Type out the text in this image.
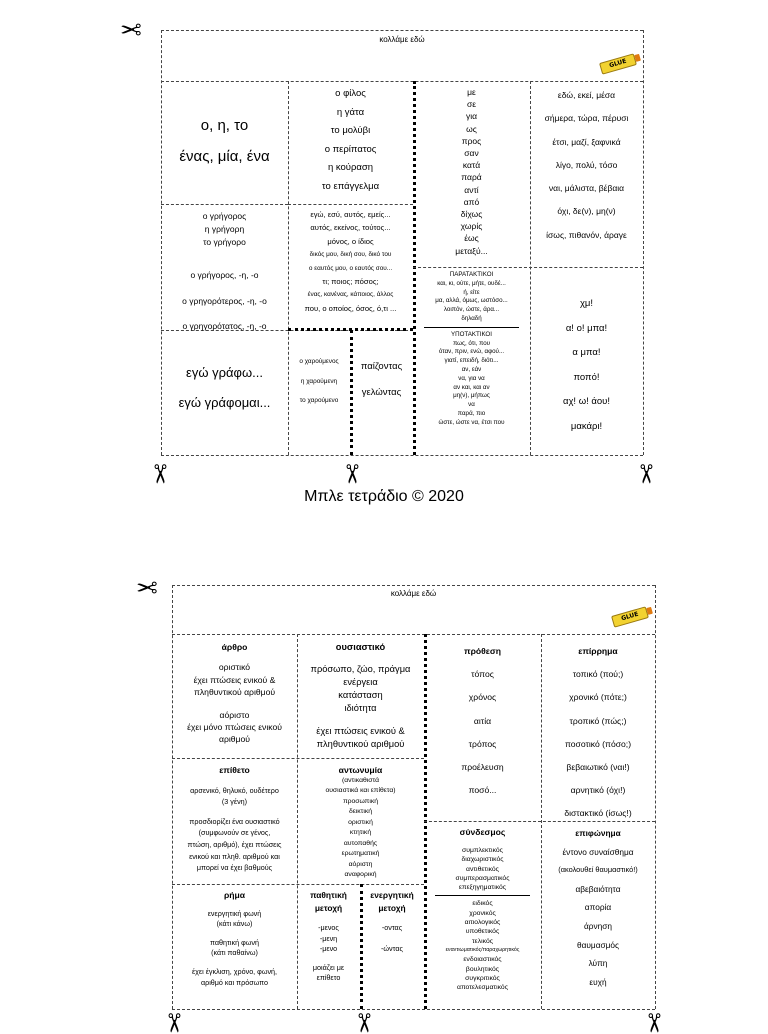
✂	κολλάμε εδώ
GLUE
ο, η, το
ένας, μία, ένα
ο φίλος
η γάτα
το μολύβι
ο περίπατος
η κούραση
το επάγγελμα
με
σε
για
ως
προς
σαν
κατά
παρά
αντί
από
δίχως
χωρίς
έως
μεταξύ...
εδώ, εκεί, μέσα
σήμερα, τώρα, πέρυσι
έτσι, μαζί, ξαφνικά
λίγο, πολύ, τόσο
ναι, μάλιστα, βέβαια
όχι, δε(ν), μη(ν)
ίσως, πιθανόν, άραγε
ο γρήγορος
η γρήγορη
το γρήγορο
ο γρήγορος, -η, -ο
ο γρηγορότερος, -η, -ο
ο γρηγορότατος, -η, -ο
εγώ, εσύ, αυτός, εμείς...
αυτός, εκείνος, τούτος...
μόνος, ο ίδιος
δικός μου, δική σου, δικό του
ο εαυτός μου, ο εαυτός σου...
τι; ποιος; πόσος;
ένας, κανένας, κάποιος, άλλος
που, ο οποίος, όσος, ό,τι ...
ΠΑΡΑΤΑΚΤΙΚΟΙ
και, κι, ούτε, μήτε, ουδέ...
ή, είτε
μα, αλλά, όμως, ωστόσο...
λοιπόν, ώστε, άρα...
δηλαδή
ΥΠΟΤΑΚΤΙΚΟΙ
πως, ότι, που
όταν, πριν, ενώ, αφού...
γιατί, επειδή, διότι...
αν, εάν
να, για να
αν και, και αν
μη(ν), μήπως
να
παρά, πιο
ώστε, ώστε να, έτσι που
χμ!
α! ο! μπα!
α μπα!
ποπό!
αχ! ω! άου!
μακάρι!
εγώ γράφω...
εγώ γράφομαι...
ο χαρούμενος
η χαρούμενη
το χαρούμενο
παίζοντας
γελώντας
✂	✂	✂
Μπλε τετράδιο © 2020
✂	κολλάμε εδώ
GLUE
άρθρο
οριστικό
έχει πτώσεις ενικού &
πληθυντικού αριθμού
αόριστο
έχει μόνο πτώσεις ενικού
αριθμού
ουσιαστικό
πρόσωπο, ζώο, πράγμα
ενέργεια
κατάσταση
ιδιότητα
έχει πτώσεις ενικού &
πληθυντικού αριθμού
πρόθεση
τόπος
χρόνος
αιτία
τρόπος
προέλευση
ποσό...
επίρρημα
τοπικό (πού;)
χρονικό (πότε;)
τροπικό (πώς;)
ποσοτικό (πόσο;)
βεβαιωτικό (ναι!)
αρνητικό (όχι!)
διστακτικό (ίσως!)
επίθετο
αρσενικό, θηλυκό, ουδέτερο
(3 γένη)
προσδιορίζει ένα ουσιαστικό
(συμφωνούν σε γένος,
πτώση, αριθμό), έχει πτώσεις
ενικού και πληθ. αριθμού και
μπορεί να έχει βαθμούς
αντωνυμία
(αντικαθιστά
ουσιαστικά και επίθετα)
προσωπική
δεικτική
οριστική
κτητική
αυτοπαθής
ερωτηματική
αόριστη
αναφορική
σύνδεσμος
συμπλεκτικός
διαχωριστικός
αντιθετικός
συμπερασματικός
επεξηγηματικός
ειδικός
χρονικός
αιτιολογικός
υποθετικός
τελικός
εναντιωματικός/παραχωρητικός
ενδοιαστικός
βουλητικός
συγκριτικός
αποτελεσματικός
επιφώνημα
έντονο συναίσθημα
(ακολουθεί θαυμαστικό!)
αβεβαιότητα
απορία
άρνηση
θαυμασμός
λύπη
ευχή
ρήμα
ενεργητική φωνή
(κάτι κάνω)
παθητική φωνή
(κάτι παθαίνω)
έχει έγκλιση, χρόνο, φωνή,
αριθμό και πρόσωπο
παθητική
μετοχή
-μενος
-μενη
-μενο
μοιάζει με
επίθετο
ενεργητική
μετοχή
-οντας
-ώντας
✂	✂	✂
